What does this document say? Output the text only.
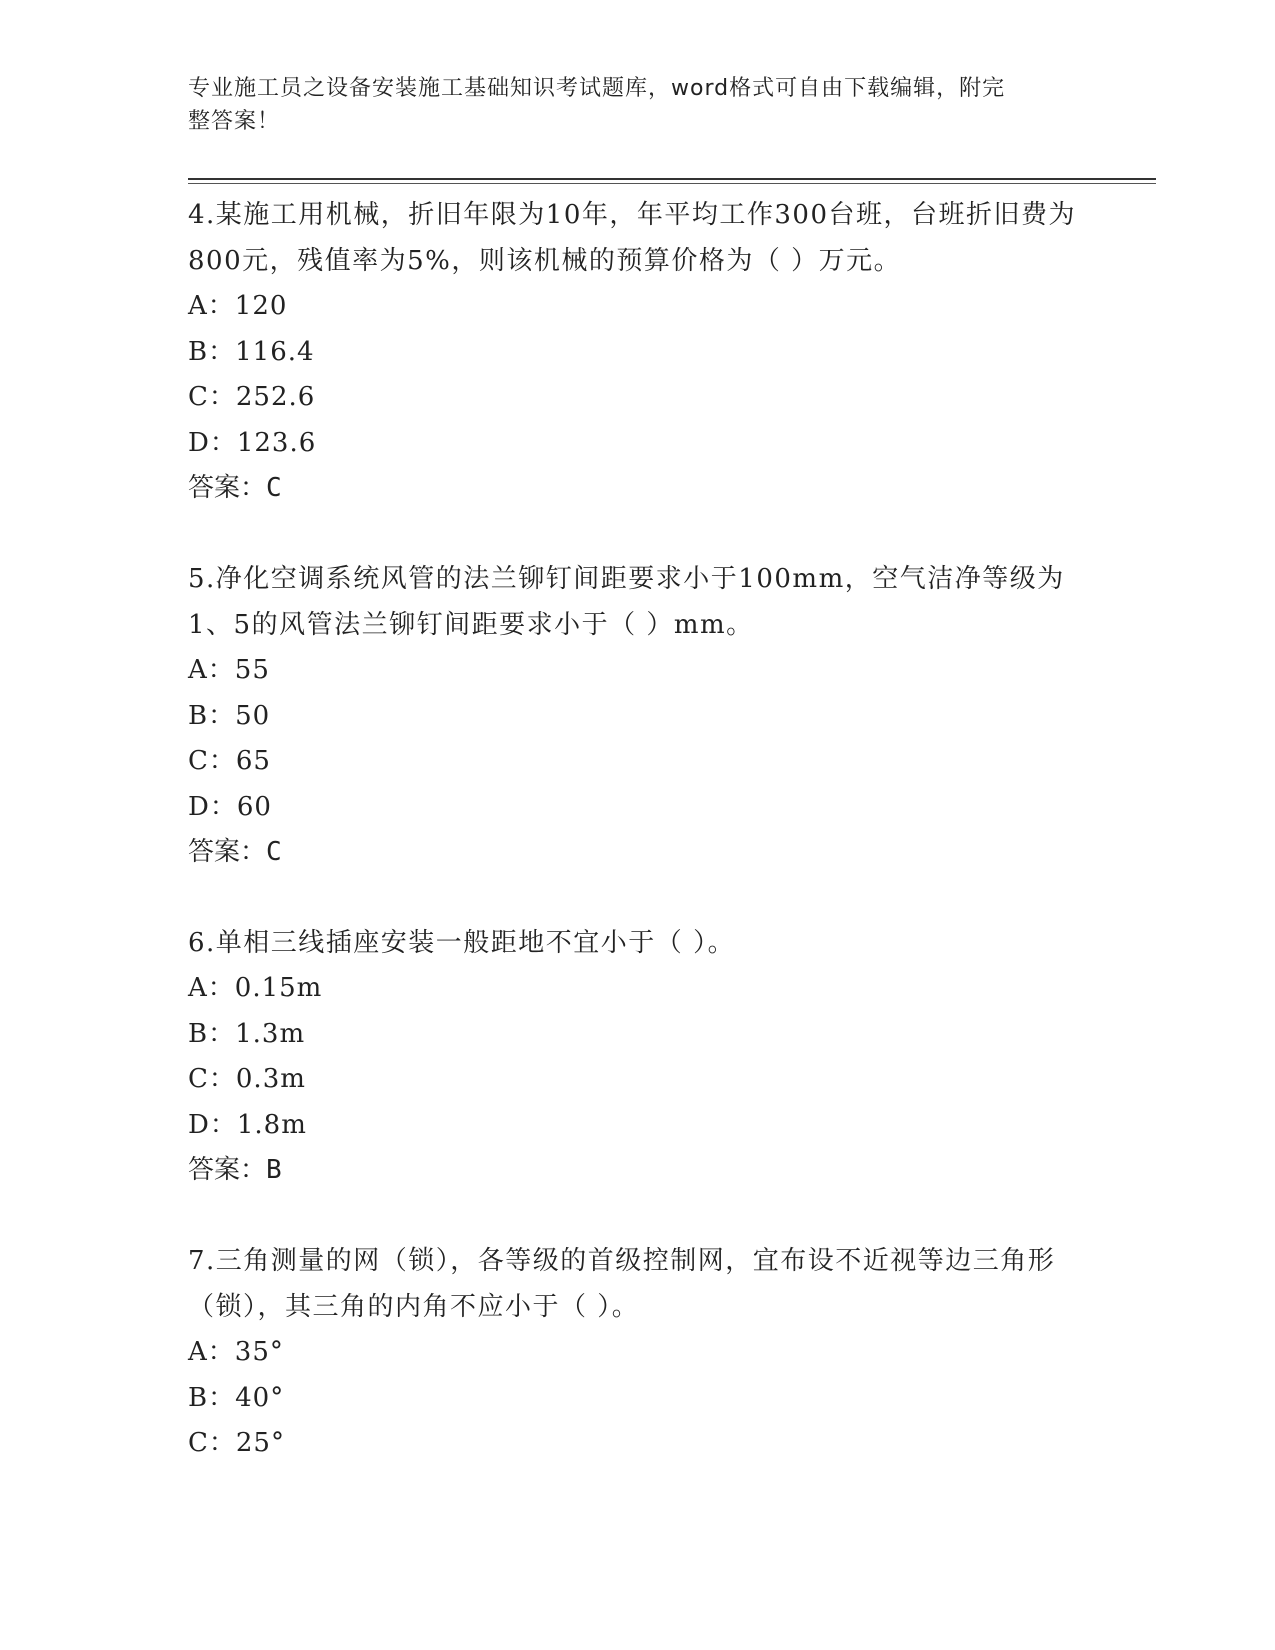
专业施工员之设备安装施工基础知识考试题库，word格式可自由下载编辑，附完
整答案！
4.某施工用机械，折旧年限为10年，年平均工作300台班，台班折旧费为800元，残值率为5%，则该机械的预算价格为（ ）万元。
A：120
B：116.4
C：252.6
D：123.6
答案：C
5.净化空调系统风管的法兰铆钉间距要求小于100mm，空气洁净等级为1、5的风管法兰铆钉间距要求小于（ ）mm。
A：55
B：50
C：65
D：60
答案：C
6.单相三线插座安装一般距地不宜小于（ ）。
A：0.15m
B：1.3m
C：0.3m
D：1.8m
答案：B
7.三角测量的网（锁），各等级的首级控制网，宜布设不近视等边三角形（锁），其三角的内角不应小于（ ）。
A：35°
B：40°
C：25°
